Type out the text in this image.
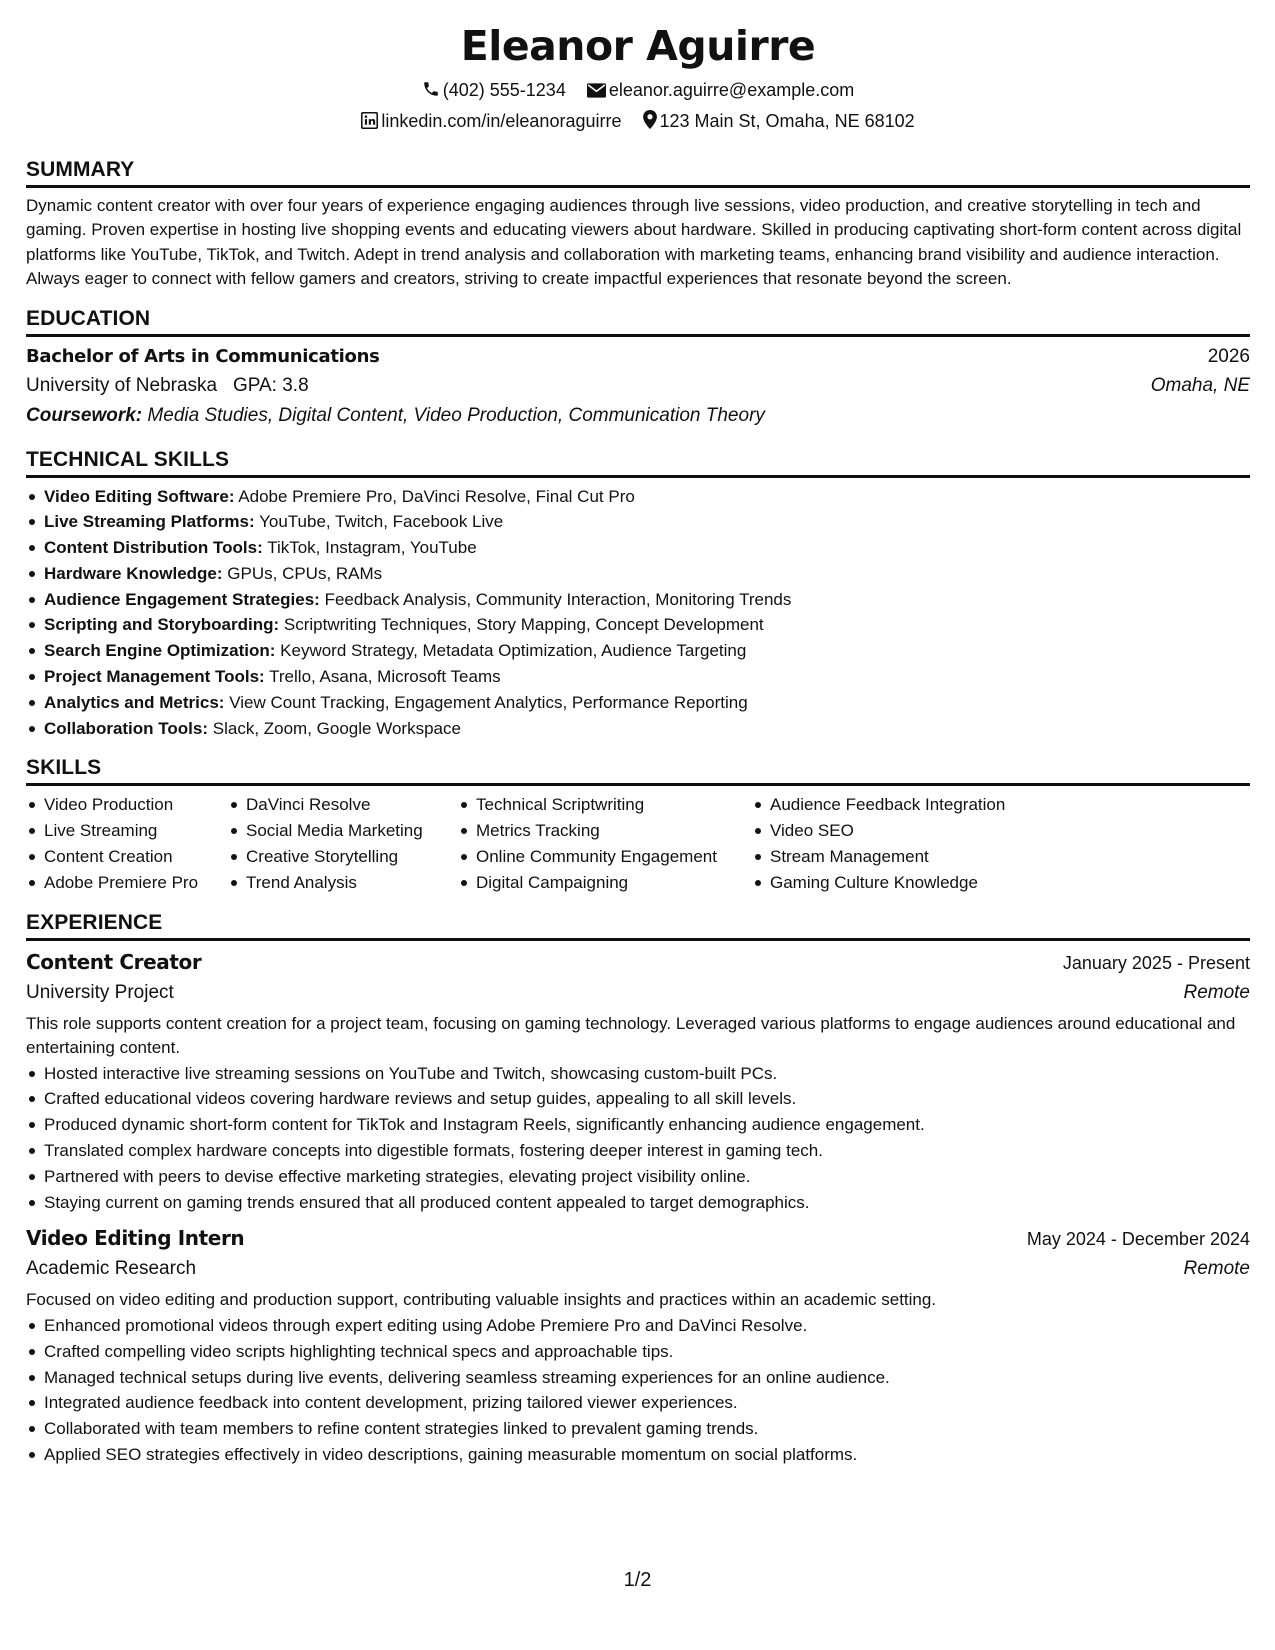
Eleanor Aguirre
(402) 555-1234 eleanor.aguirre@example.com
linkedin.com/in/eleanoraguirre 123 Main St, Omaha, NE 68102
SUMMARY

Dynamic content creator with over four years of experience engaging audiences through live sessions, video production, and creative storytelling in tech and gaming. Proven expertise in hosting live shopping events and educating viewers about hardware. Skilled in producing captivating short-form content across digital platforms like YouTube, TikTok, and Twitch. Adept in trend analysis and collaboration with marketing teams, enhancing brand visibility and audience interaction. Always eager to connect with fellow gamers and creators, striving to create impactful experiences that resonate beyond the screen.

EDUCATION
Bachelor of Arts in Communications	2026
University of Nebraska GPA: 3.8	Omaha, NE
Coursework: Media Studies, Digital Content, Video Production, Communication Theory
TECHNICAL SKILLS
Video Editing Software: Adobe Premiere Pro, DaVinci Resolve, Final Cut Pro
Live Streaming Platforms: YouTube, Twitch, Facebook Live
Content Distribution Tools: TikTok, Instagram, YouTube
Hardware Knowledge: GPUs, CPUs, RAMs
Audience Engagement Strategies: Feedback Analysis, Community Interaction, Monitoring Trends
Scripting and Storyboarding: Scriptwriting Techniques, Story Mapping, Concept Development
Search Engine Optimization: Keyword Strategy, Metadata Optimization, Audience Targeting
Project Management Tools: Trello, Asana, Microsoft Teams
Analytics and Metrics: View Count Tracking, Engagement Analytics, Performance Reporting
Collaboration Tools: Slack, Zoom, Google Workspace
SKILLS
Video Production
Live Streaming
Content Creation
Adobe Premiere Pro
DaVinci Resolve
Social Media Marketing
Creative Storytelling
Trend Analysis
Technical Scriptwriting
Metrics Tracking
Online Community Engagement
Digital Campaigning
Audience Feedback Integration
Video SEO
Stream Management
Gaming Culture Knowledge
EXPERIENCE
Content Creator	January 2025 - Present
University Project	Remote

This role supports content creation for a project team, focusing on gaming technology. Leveraged various platforms to engage audiences around educational and entertaining content.

Hosted interactive live streaming sessions on YouTube and Twitch, showcasing custom-built PCs.
Crafted educational videos covering hardware reviews and setup guides, appealing to all skill levels.
Produced dynamic short-form content for TikTok and Instagram Reels, significantly enhancing audience engagement.
Translated complex hardware concepts into digestible formats, fostering deeper interest in gaming tech.
Partnered with peers to devise effective marketing strategies, elevating project visibility online.
Staying current on gaming trends ensured that all produced content appealed to target demographics.
Video Editing Intern	May 2024 - December 2024
Academic Research	Remote

Focused on video editing and production support, contributing valuable insights and practices within an academic setting.

Enhanced promotional videos through expert editing using Adobe Premiere Pro and DaVinci Resolve.
Crafted compelling video scripts highlighting technical specs and approachable tips.
Managed technical setups during live events, delivering seamless streaming experiences for an online audience.
Integrated audience feedback into content development, prizing tailored viewer experiences.
Collaborated with team members to refine content strategies linked to prevalent gaming trends.
Applied SEO strategies effectively in video descriptions, gaining measurable momentum on social platforms.
1/2
